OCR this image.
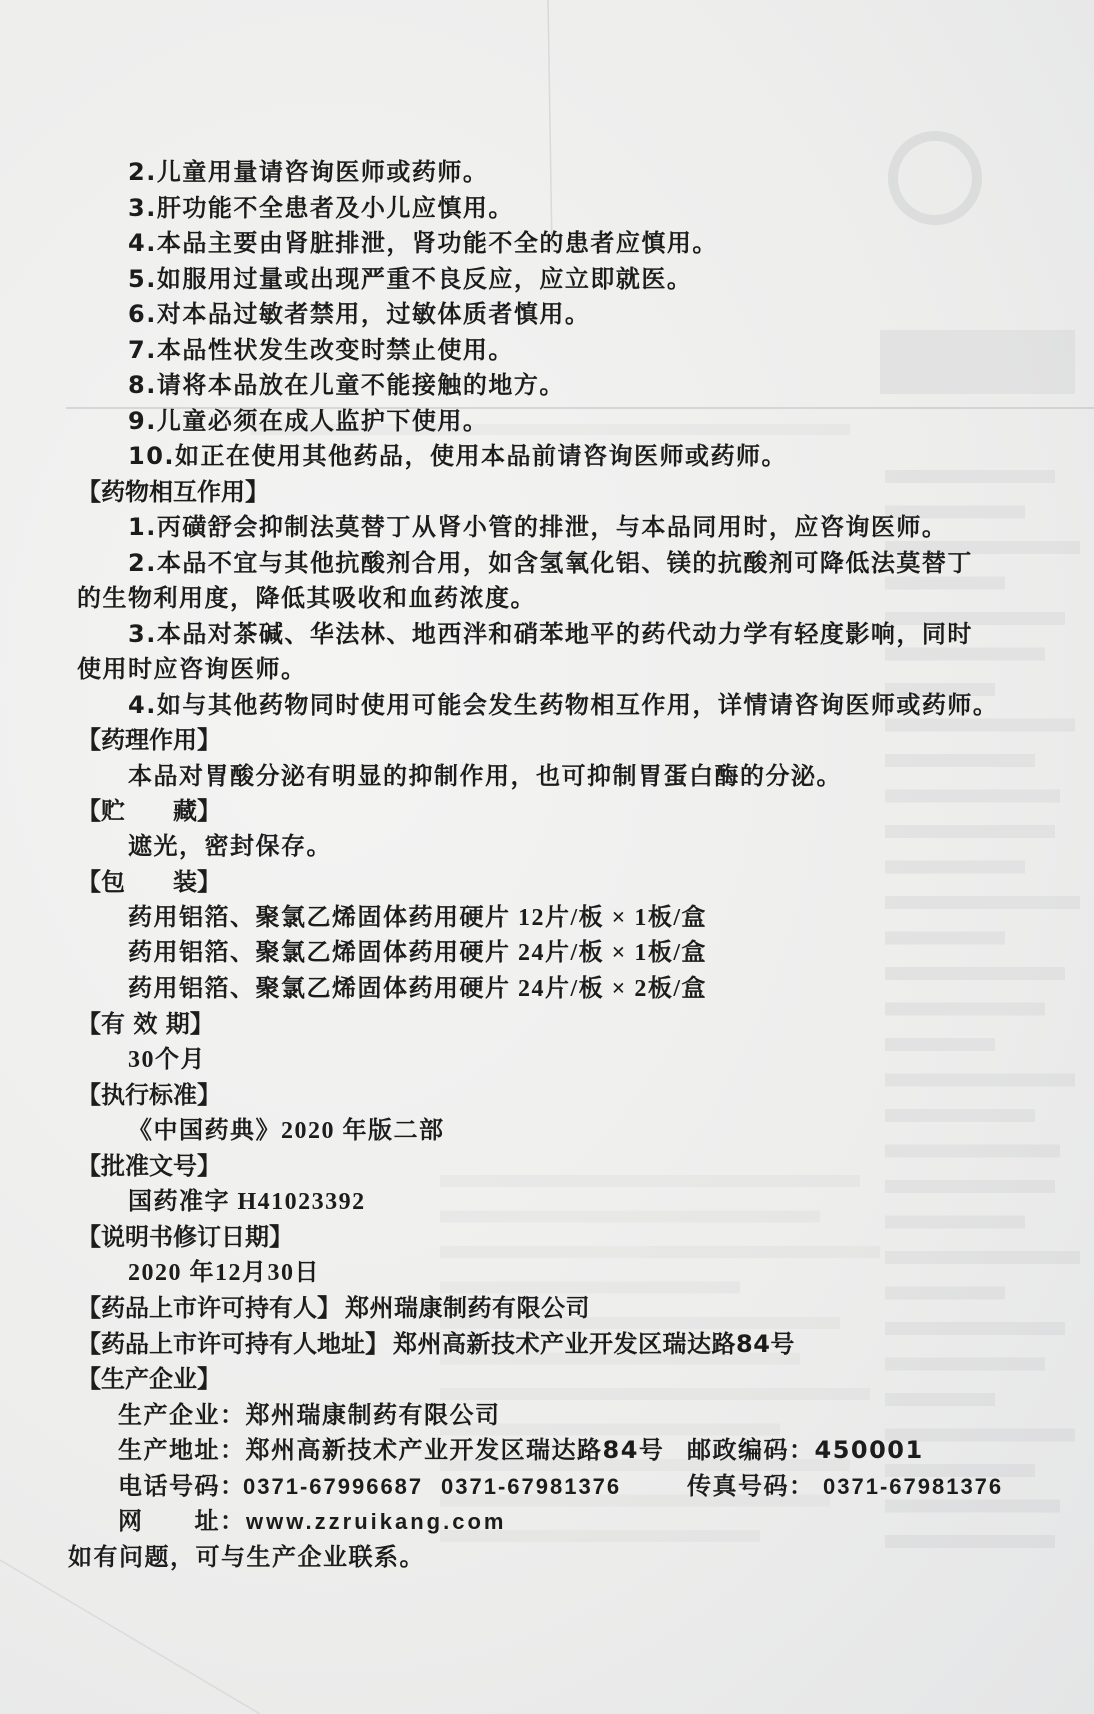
2.儿童用量请咨询医师或药师。
3.肝功能不全患者及小儿应慎用。
4.本品主要由肾脏排泄，肾功能不全的患者应慎用。
5.如服用过量或出现严重不良反应，应立即就医。
6.对本品过敏者禁用，过敏体质者慎用。
7.本品性状发生改变时禁止使用。
8.请将本品放在儿童不能接触的地方。
9.儿童必须在成人监护下使用。
10.如正在使用其他药品，使用本品前请咨询医师或药师。
【药物相互作用】
1.丙磺舒会抑制法莫替丁从肾小管的排泄，与本品同用时，应咨询医师。
2.本品不宜与其他抗酸剂合用，如含氢氧化铝、镁的抗酸剂可降低法莫替丁
的生物利用度，降低其吸收和血药浓度。
3.本品对茶碱、华法林、地西泮和硝苯地平的药代动力学有轻度影响，同时
使用时应咨询医师。
4.如与其他药物同时使用可能会发生药物相互作用，详情请咨询医师或药师。
【药理作用】
本品对胃酸分泌有明显的抑制作用，也可抑制胃蛋白酶的分泌。
【贮　　藏】
遮光，密封保存。
【包　　装】
药用铝箔、聚氯乙烯固体药用硬片 12片/板 × 1板/盒
药用铝箔、聚氯乙烯固体药用硬片 24片/板 × 1板/盒
药用铝箔、聚氯乙烯固体药用硬片 24片/板 × 2板/盒
【有 效 期】
30个月
【执行标准】
《中国药典》2020 年版二部
【批准文号】
国药准字 H41023392
【说明书修订日期】
2020 年12月30日
【药品上市许可持有人】 郑州瑞康制药有限公司
【药品上市许可持有人地址】 郑州高新技术产业开发区瑞达路84号
【生产企业】
生产企业：郑州瑞康制药有限公司
生产地址：郑州高新技术产业开发区瑞达路84号 邮政编码：450001
电话号码：
0371-67996687 0371-67981376	传真号码： 0371-67981376
网　　址： www.zzruikang.com
如有问题，可与生产企业联系。
